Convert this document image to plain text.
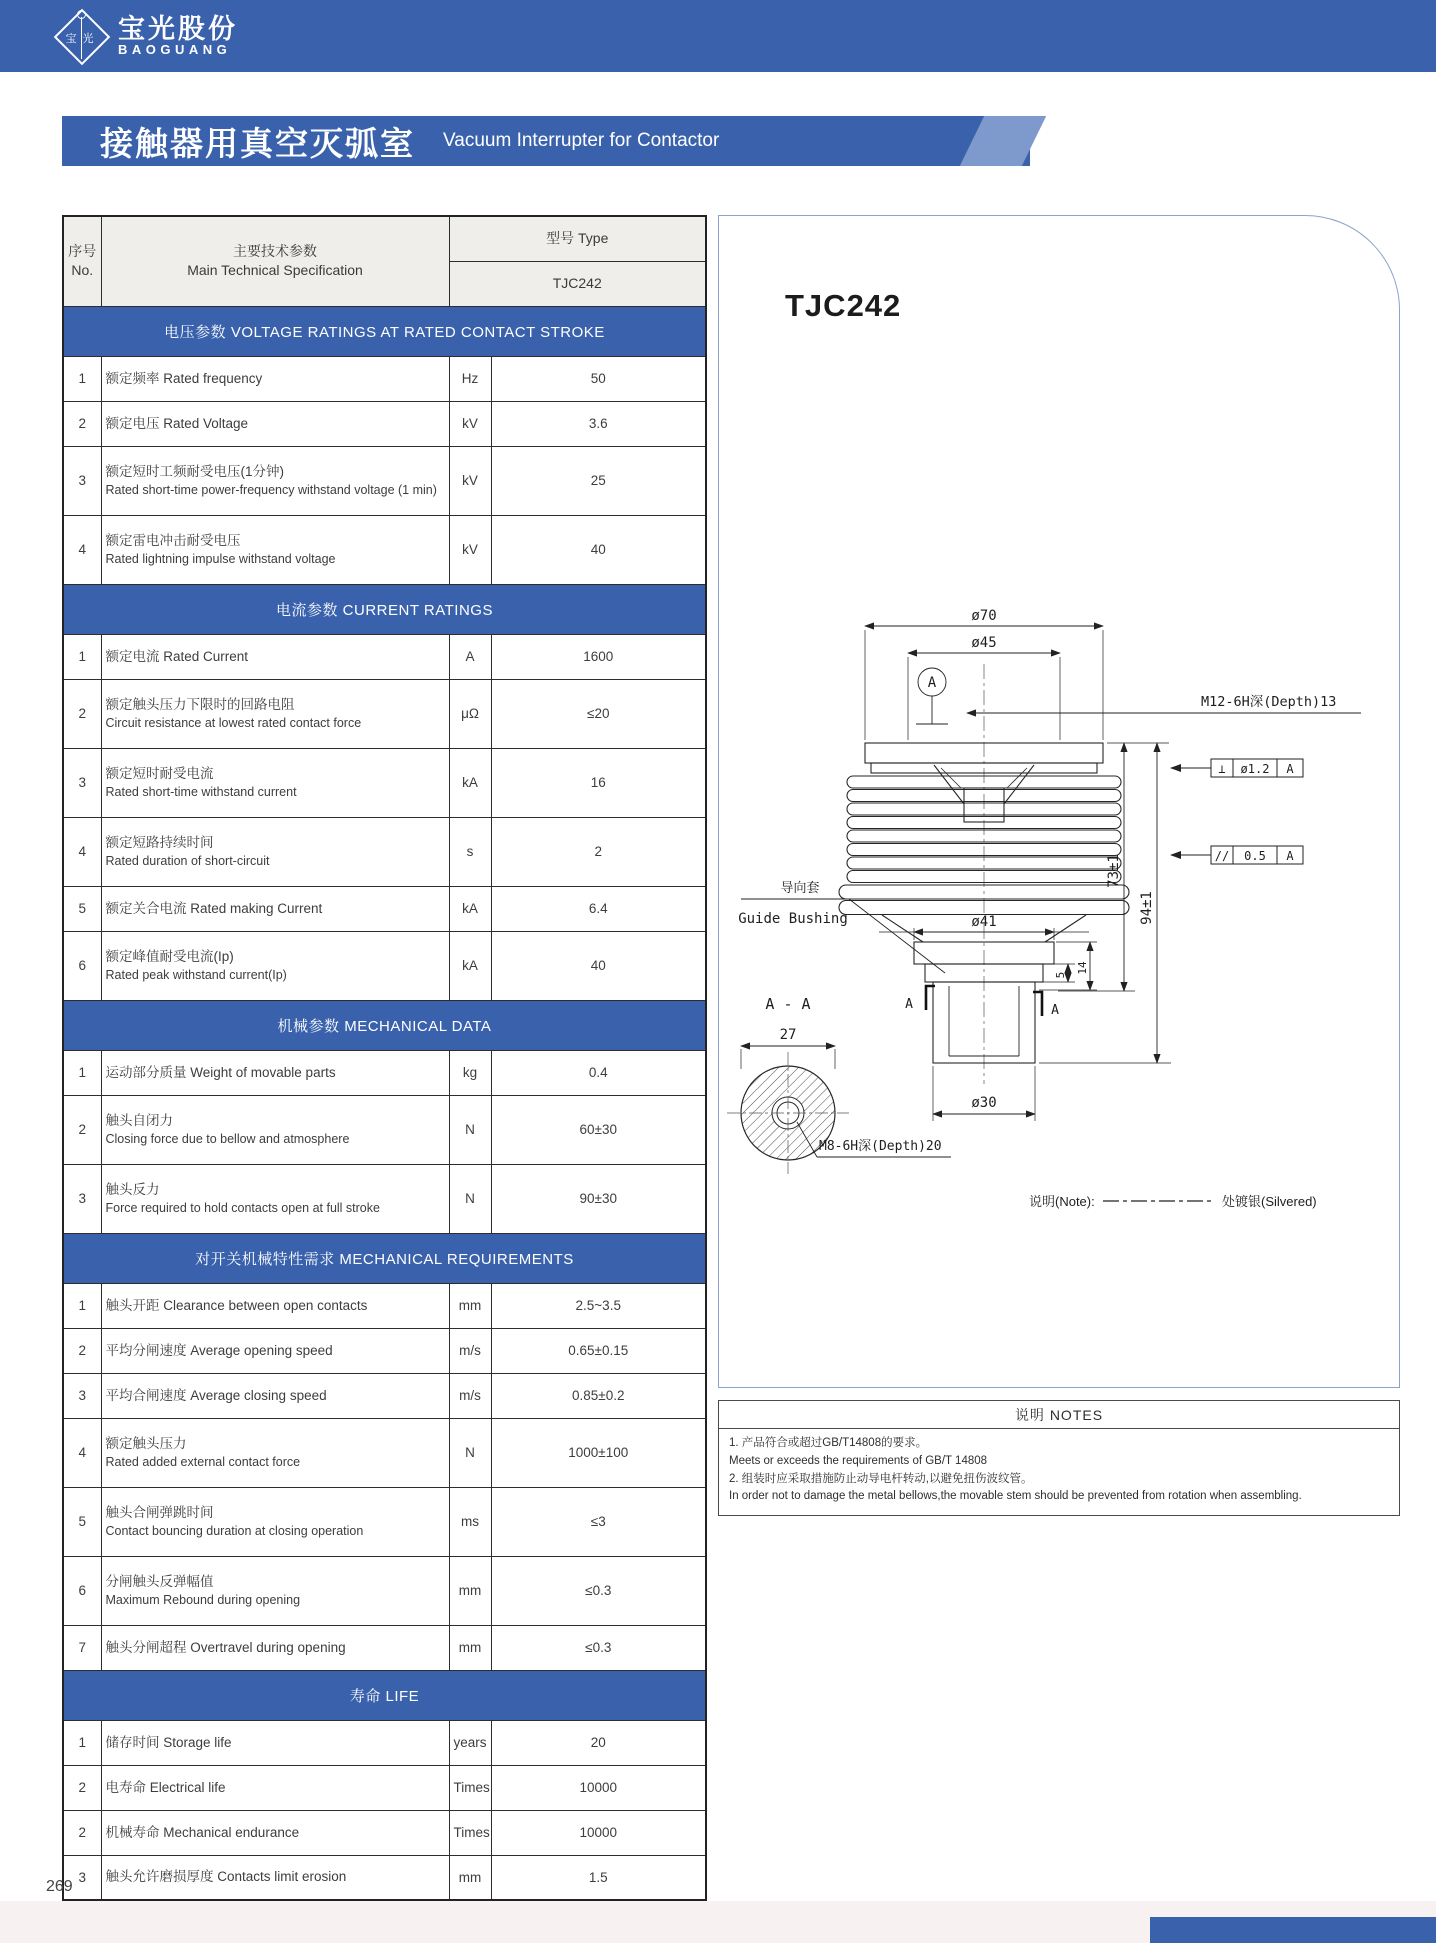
宝光 宝光股份
BAOGUANG
接触器用真空灭弧室 Vacuum Interrupter for Contactor
序号
No.

主要技术参数
Main Technical Specification
	型号 Type
		TJC242	
电压参数 VOLTAGE RATINGS AT RATED CONTACT STROKE			
1	额定频率 Rated frequency	Hz	50
2	额定电压 Rated Voltage	kV	3.6
3	额定短时工频耐受电压(1分钟)
Rated short-time power-frequency withstand voltage (1 min)	kV	25
4	额定雷电冲击耐受电压
Rated lightning impulse withstand voltage	kV	40
电流参数 CURRENT RATINGS			
1	额定电流 Rated Current	A	1600
2	额定触头压力下限时的回路电阻
Circuit resistance at lowest rated contact force	μΩ	≤20
3	额定短时耐受电流
Rated short-time withstand current	kA	16
4	额定短路持续时间
Rated duration of short-circuit	s	2
5	额定关合电流 Rated making Current	kA	6.4
6	额定峰值耐受电流(Ip)
Rated peak withstand current(Ip)	kA	40
机械参数 MECHANICAL DATA			
1	运动部分质量 Weight of movable parts	kg	0.4
2	触头自闭力
Closing force due to bellow and atmosphere	N	60±30
3	触头反力
Force required to hold contacts open at full stroke	N	90±30
对开关机械特性需求 MECHANICAL REQUIREMENTS			
1	触头开距 Clearance between open contacts	mm	2.5~3.5
2	平均分闸速度 Average opening speed	m/s	0.65±0.15
3	平均合闸速度 Average closing speed	m/s	0.85±0.2
4	额定触头压力
Rated added external contact force	N	1000±100
5	触头合闸弹跳时间
Contact bouncing duration at closing operation	ms	≤3
6	分闸触头反弹幅值
Maximum Rebound during opening	mm	≤0.3
7	触头分闸超程 Overtravel during opening	mm	≤0.3
寿命 LIFE			
1	储存时间 Storage life	years	20
2	电寿命 Electrical life	Times	10000
2	机械寿命 Mechanical endurance	Times	10000
3	触头允许磨损厚度 Contacts limit erosion	mm	1.5
TJC242
ø70
ø45
ø41
ø30
A
73±1
94±1
5
14
M12-6H深(Depth)13
⊥ ø1.2 A
// 0.5 A
A	A
导向套
Guide Bushing
A - A
27
M8-6H深(Depth)20
说明(Note):	处镀银(Silvered)
说明 NOTES
1. 产品符合或超过GB/T14808的要求。
Meets or exceeds the requirements of GB/T 14808
2. 组装时应采取措施防止动导电杆转动,以避免扭伤波纹管。
In order not to damage the metal bellows,the movable stem should be prevented from rotation when assembling.
269
